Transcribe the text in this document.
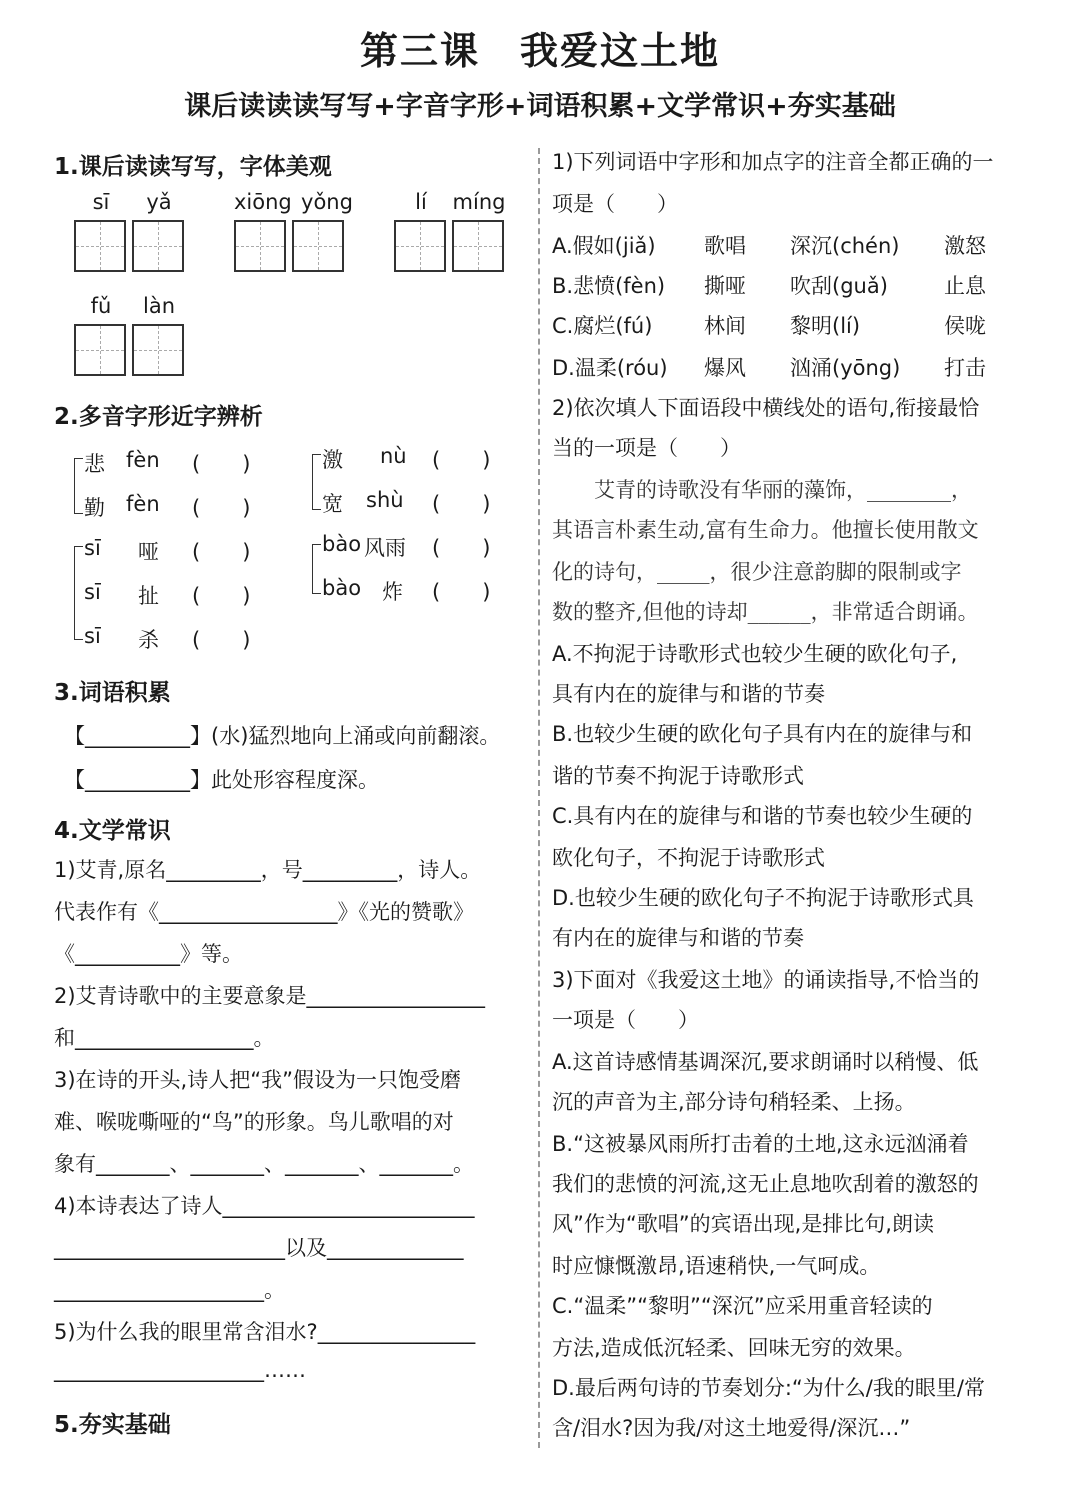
第三课　我爱这土地
课后读读读写写+字音字形+词语积累+文学常识+夯实基础
1.课后读读写写，字体美观
sī	yǎ	xiōng yǒng	lí	míng
fǔ	làn
2.多音字形近字辨析
悲 fèn (　　)
勤 fèn (　　)
sī 哑 (　　)
sī 扯 (　　)
sī 杀 (　　)
激 nù (　　)
宽 shù (　　)
bào 风雨 (　　)
bào 炸 (　　)
3.词语积累
【__________】(水)猛烈地向上涌或向前翻滚。
【__________】此处形容程度深。
4.文学常识
1)艾青,原名_________，号_________，诗人。
代表作有《_________________》《光的赞歌》
《__________》等。
2)艾青诗歌中的主要意象是_________________
和_________________。
3)在诗的开头,诗人把“我”假设为一只饱受磨
难、喉咙嘶哑的“鸟”的形象。鸟儿歌唱的对
象有_______、_______、_______、_______。
4)本诗表达了诗人________________________
______________________以及_____________
____________________。
5)为什么我的眼里常含泪水?_______________
____________________……
5.夯实基础
1)下列词语中字形和加点字的注音全都正确的一
项是（　　）
A.假如(jiǎ) 歌唱 深沉(chén) 激怒
B.悲愤(fèn) 撕哑 吹刮(guǎ)	止息
C.腐烂(fú) 林间 黎明(lí)	侯咙
D.温柔(róu) 爆风 汹涌(yōng) 打击
2)依次填人下面语段中横线处的语句,衔接最恰
当的一项是（　　）
　　艾青的诗歌没有华丽的藻饰，________，
其语言朴素生动,富有生命力。他擅长使用散文
化的诗句，_____，很少注意韵脚的限制或字
数的整齐,但他的诗却______，非常适合朗诵。
A.不拘泥于诗歌形式也较少生硬的欧化句子,
具有内在的旋律与和谐的节奏
B.也较少生硬的欧化句子具有内在的旋律与和
谐的节奏不拘泥于诗歌形式
C.具有内在的旋律与和谐的节奏也较少生硬的
欧化句子，不拘泥于诗歌形式
D.也较少生硬的欧化句子不拘泥于诗歌形式具
有内在的旋律与和谐的节奏
3)下面对《我爱这土地》的诵读指导,不恰当的
一项是（　　）
A.这首诗感情基调深沉,要求朗诵时以稍慢、低
沉的声音为主,部分诗句稍轻柔、上扬。
B.“这被暴风雨所打击着的土地,这永远汹涌着
我们的悲愤的河流,这无止息地吹刮着的激怒的
风”作为“歌唱”的宾语出现,是排比句,朗读
时应慷慨激昂,语速稍快,一气呵成。
C.“温柔”“黎明”“深沉”应采用重音轻读的
方法,造成低沉轻柔、回味无穷的效果。
D.最后两句诗的节奏划分:“为什么/我的眼里/常
含/泪水?因为我/对这土地爱得/深沉…”
